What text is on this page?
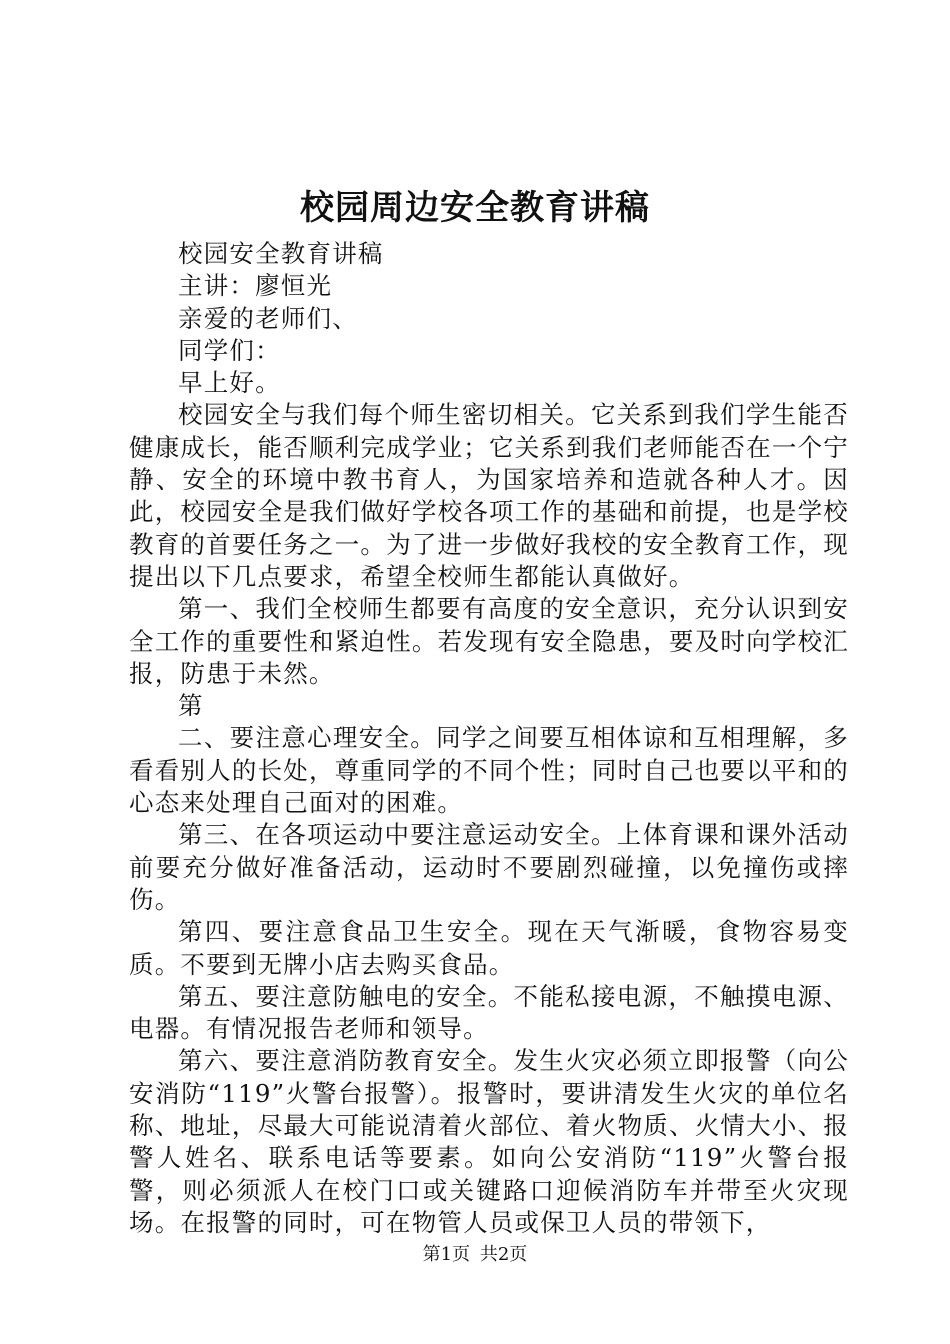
校园周边安全教育讲稿

校园安全教育讲稿

主讲：廖恒光

亲爱的老师们、

同学们：

早上好。

校园安全与我们每个师生密切相关。它关系到我们学生能否健康成长，能否顺利完成学业；它关系到我们老师能否在一个宁静、安全的环境中教书育人，为国家培养和造就各种人才。因此，校园安全是我们做好学校各项工作的基础和前提，也是学校教育的首要任务之一。为了进一步做好我校的安全教育工作，现提出以下几点要求，希望全校师生都能认真做好。

第一、我们全校师生都要有高度的安全意识，充分认识到安全工作的重要性和紧迫性。若发现有安全隐患，要及时向学校汇报，防患于未然。

第

二、要注意心理安全。同学之间要互相体谅和互相理解，多看看别人的长处，尊重同学的不同个性；同时自己也要以平和的心态来处理自己面对的困难。

第三、在各项运动中要注意运动安全。上体育课和课外活动前要充分做好准备活动，运动时不要剧烈碰撞，以免撞伤或摔伤。

第四、要注意食品卫生安全。现在天气渐暖，食物容易变质。不要到无牌小店去购买食品。

第五、要注意防触电的安全。不能私接电源，不触摸电源、电器。有情况报告老师和领导。

第六、要注意消防教育安全。发生火灾必须立即报警（向公安消防“119”火警台报警）。报警时，要讲清发生火灾的单位名称、地址，尽最大可能说清着火部位、着火物质、火情大小、报警人姓名、联系电话等要素。如向公安消防“119”火警台报警，则必须派人在校门口或关键路口迎候消防车并带至火灾现场。在报警的同时，可在物管人员或保卫人员的带领下，

第1页 共2页
